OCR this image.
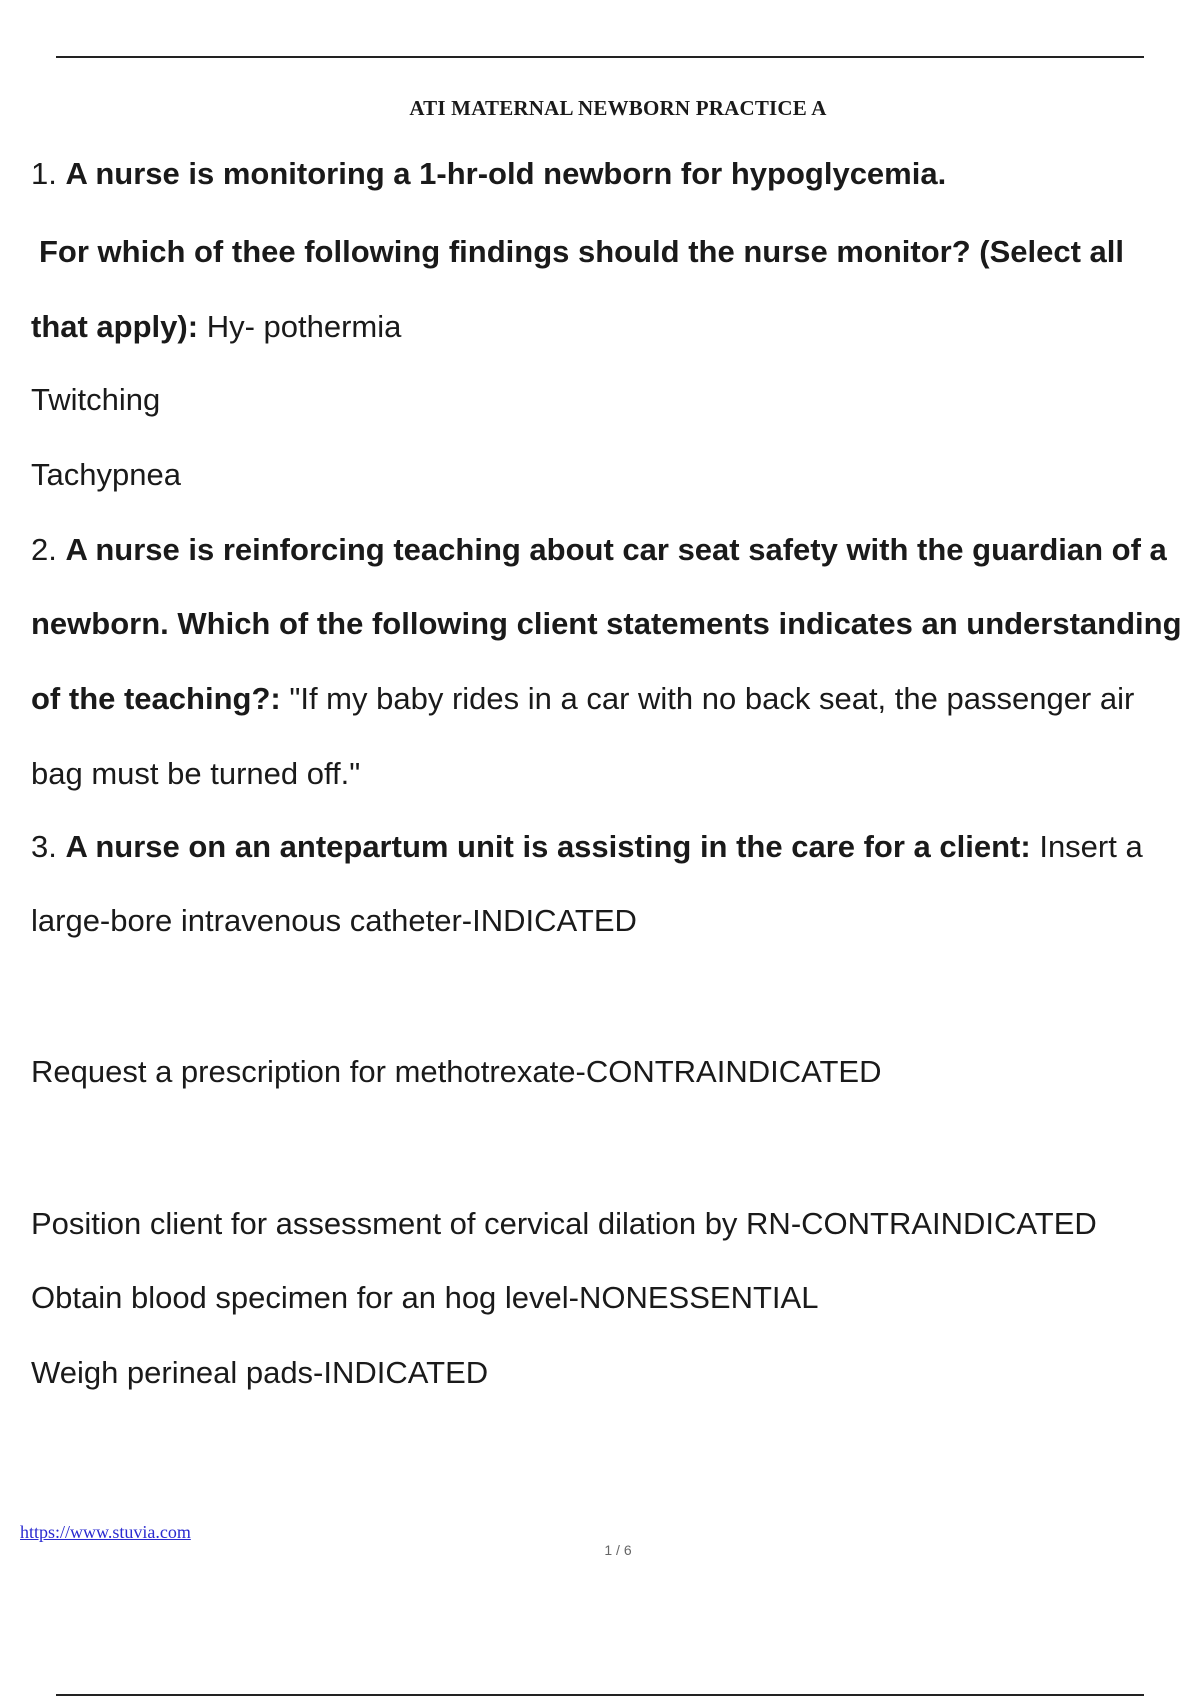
ATI MATERNAL NEWBORN PRACTICE A
1. A nurse is monitoring a 1-hr-old newborn for hypoglycemia.
For which of thee following findings should the nurse monitor? (Select all
that apply): Hy- pothermia
Twitching
Tachypnea
2. A nurse is reinforcing teaching about car seat safety with the guardian of a
newborn. Which of the following client statements indicates an understanding
of the teaching?: "If my baby rides in a car with no back seat, the passenger air
bag must be turned off."
3. A nurse on an antepartum unit is assisting in the care for a client: Insert a
large-bore intravenous catheter-INDICATED
Request a prescription for methotrexate-CONTRAINDICATED
Position client for assessment of cervical dilation by RN-CONTRAINDICATED
Obtain blood specimen for an hog level-NONESSENTIAL
Weigh perineal pads-INDICATED
https://www.stuvia.com
1 / 6
